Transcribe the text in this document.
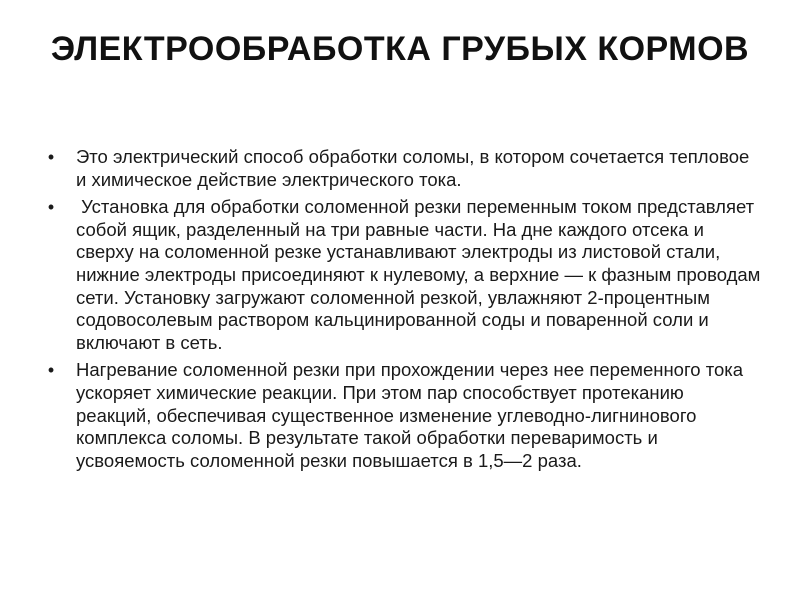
ЭЛЕКТРООБРАБОТКА ГРУБЫХ КОРМОВ
• Это электрический способ обработки соломы, в котором сочетается тепловое и химическое действие электрического тока.
• Установка для обработки соломенной резки переменным током представляет собой ящик, разделенный на три равные части. На дне каждого отсека и сверху на соломенной резке устанавливают электроды из листовой стали, нижние электроды присоединяют к нулевому, а верхние — к фазным проводам сети. Установку загружают соломенной резкой, увлажняют 2-процентным содовосолевым раствором кальцинированной соды и поваренной соли и включают в сеть.
• Нагревание соломенной резки при прохождении через нее переменного тока ускоряет химические реакции. При этом пар способствует протеканию реакций, обеспечивая существенное изменение углеводно-лигнинового комплекса соломы. В результате такой обработки переваримость и усвояемость соломенной резки повышается в 1,5—2 раза.
